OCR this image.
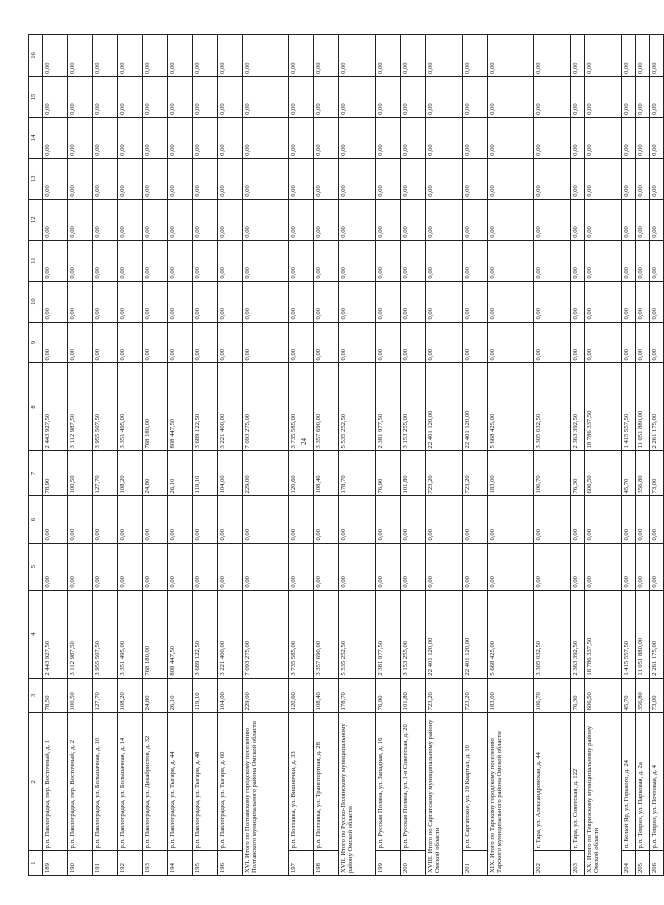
24
1	2	3	4	5	6	7	8	9	10	11	12	13	14	15	16
189	р.п. Павлоградка, пер. Восточный, д. 1	78,50	2 443 927,50	0,00	0,00	78,90	2 443 927,50	0,00	0,00	0,00	0,00	0,00	0,00	0,00	0,00
190	р.п. Павлоградка, пер. Восточный, д. 2	100,50	3 112 987,50	0,00	0,00	100,50	3 112 987,50	0,00	0,00	0,00	0,00	0,00	0,00	0,00	0,00
191	р.п. Павлоградка, ул. Большачная, д. 10	127,70	3 955 507,50	0,00	0,00	127,70	3 955 507,50	0,00	0,00	0,00	0,00	0,00	0,00	0,00	0,00
192	р.п. Павлоградка, ул. Большачная, д. 14	108,20	3 351 495,00	0,00	0,00	108,20	3 351 495,00	0,00	0,00	0,00	0,00	0,00	0,00	0,00	0,00
193	р.п. Павлоградка, ул. Декабристов, д. 32	24,80	768 180,00	0,00	0,00	24,80	768 180,00	0,00	0,00	0,00	0,00	0,00	0,00	0,00	0,00
194	р.п. Павлоградка, ул. Тыгаря, д. 44	26,10	808 447,50	0,00	0,00	26,10	808 447,50	0,00	0,00	0,00	0,00	0,00	0,00	0,00	0,00
195	р.п. Павлоградка, ул. Тыгаря, д. 48	119,10	3 689 122,50	0,00	0,00	119,10	3 689 122,50	0,00	0,00	0,00	0,00	0,00	0,00	0,00	0,00
196	р.п. Павлоградка, ул. Тыгаря, д. 60	104,00	3 221 400,00	0,00	0,00	104,00	3 221 400,00	0,00	0,00	0,00	0,00	0,00	0,00	0,00	0,00
XVI. Итого по Полтавскому городскому поселению Полтавского муниципального района Омской области		229,00	7 093 275,00	0,00	0,00	229,00	7 093 275,00	0,00	0,00	0,00	0,00	0,00	0,00	0,00	0,00
197	р.п. Полтавка, ул. Вишнячки, д. 33	120,60	3 735 585,00	0,00	0,00	120,60	3 735 585,00	0,00	0,00	0,00	0,00	0,00	0,00	0,00	0,00
198	р.п. Полтавка, ул. Транспортная, д. 28	108,40	3 357 690,00	0,00	0,00	108,40	3 357 690,00	0,00	0,00	0,00	0,00	0,00	0,00	0,00	0,00
XVII. Итого по Русско-Полянскому муниципальному району Омской области		178,70	5 535 252,50	0,00	0,00	178,70	5 535 252,50	0,00	0,00	0,00	0,00	0,00	0,00	0,00	0,00
199	р.п. Русская Поляна, ул. Западная, д. 16	76,90	2 381 977,50	0,00	0,00	76,90	2 381 977,50	0,00	0,00	0,00	0,00	0,00	0,00	0,00	0,00
200	р.п. Русская Поляна, ул. 1-я Советская, д. 20	101,80	3 153 255,00	0,00	0,00	101,80	3 153 255,00	0,00	0,00	0,00	0,00	0,00	0,00	0,00	0,00
XVIII. Итого по Саргатскому муниципальному району Омской области		723,20	22 401 120,00	0,00	0,00	723,20	22 401 120,00	0,00	0,00	0,00	0,00	0,00	0,00	0,00	0,00
201	р.п. Саргатское, ул. 19 Квартал, д. 10	723,20	22 401 120,00	0,00	0,00	723,20	22 401 120,00	0,00	0,00	0,00	0,00	0,00	0,00	0,00	0,00
XIX. Итого по Тарскому городскому поселению Тарского муниципального района Омской области		183,00	5 668 425,00	0,00	0,00	183,00	5 668 425,00	0,00	0,00	0,00	0,00	0,00	0,00	0,00	0,00
202	г. Тара, ул. Александровская, д. 44	106,70	3 305 032,50	0,00	0,00	106,70	3 305 032,50	0,00	0,00	0,00	0,00	0,00	0,00	0,00	0,00
203	г. Тара, ул. Советская, д. 122	76,30	2 363 392,50	0,00	0,00	76,30	2 363 392,50	0,00	0,00	0,00	0,00	0,00	0,00	0,00	0,00
XX. Итого по Тевризскому муниципальному району Омской области		606,50	18 786 337,50	0,00	0,00	606,50	18 786 337,50	0,00	0,00	0,00	0,00	0,00	0,00	0,00	0,00
204	п. Белый Яр, ул. Горького, д. 24	45,70	1 415 557,50	0,00	0,00	45,70	1 415 557,50	0,00	0,00	0,00	0,00	0,00	0,00	0,00	0,00
205	р.п. Тевриз, ул. Парковая, д. 2а	356,80	11 051 880,00	0,00	0,00	356,80	11 051 880,00	0,00	0,00	0,00	0,00	0,00	0,00	0,00	0,00
206	р.п. Тевриз, ул. Почтовая, д. 4	73,00	2 261 175,00	0,00	0,00	73,00	2 261 175,00	0,00	0,00	0,00	0,00	0,00	0,00	0,00	0,00
